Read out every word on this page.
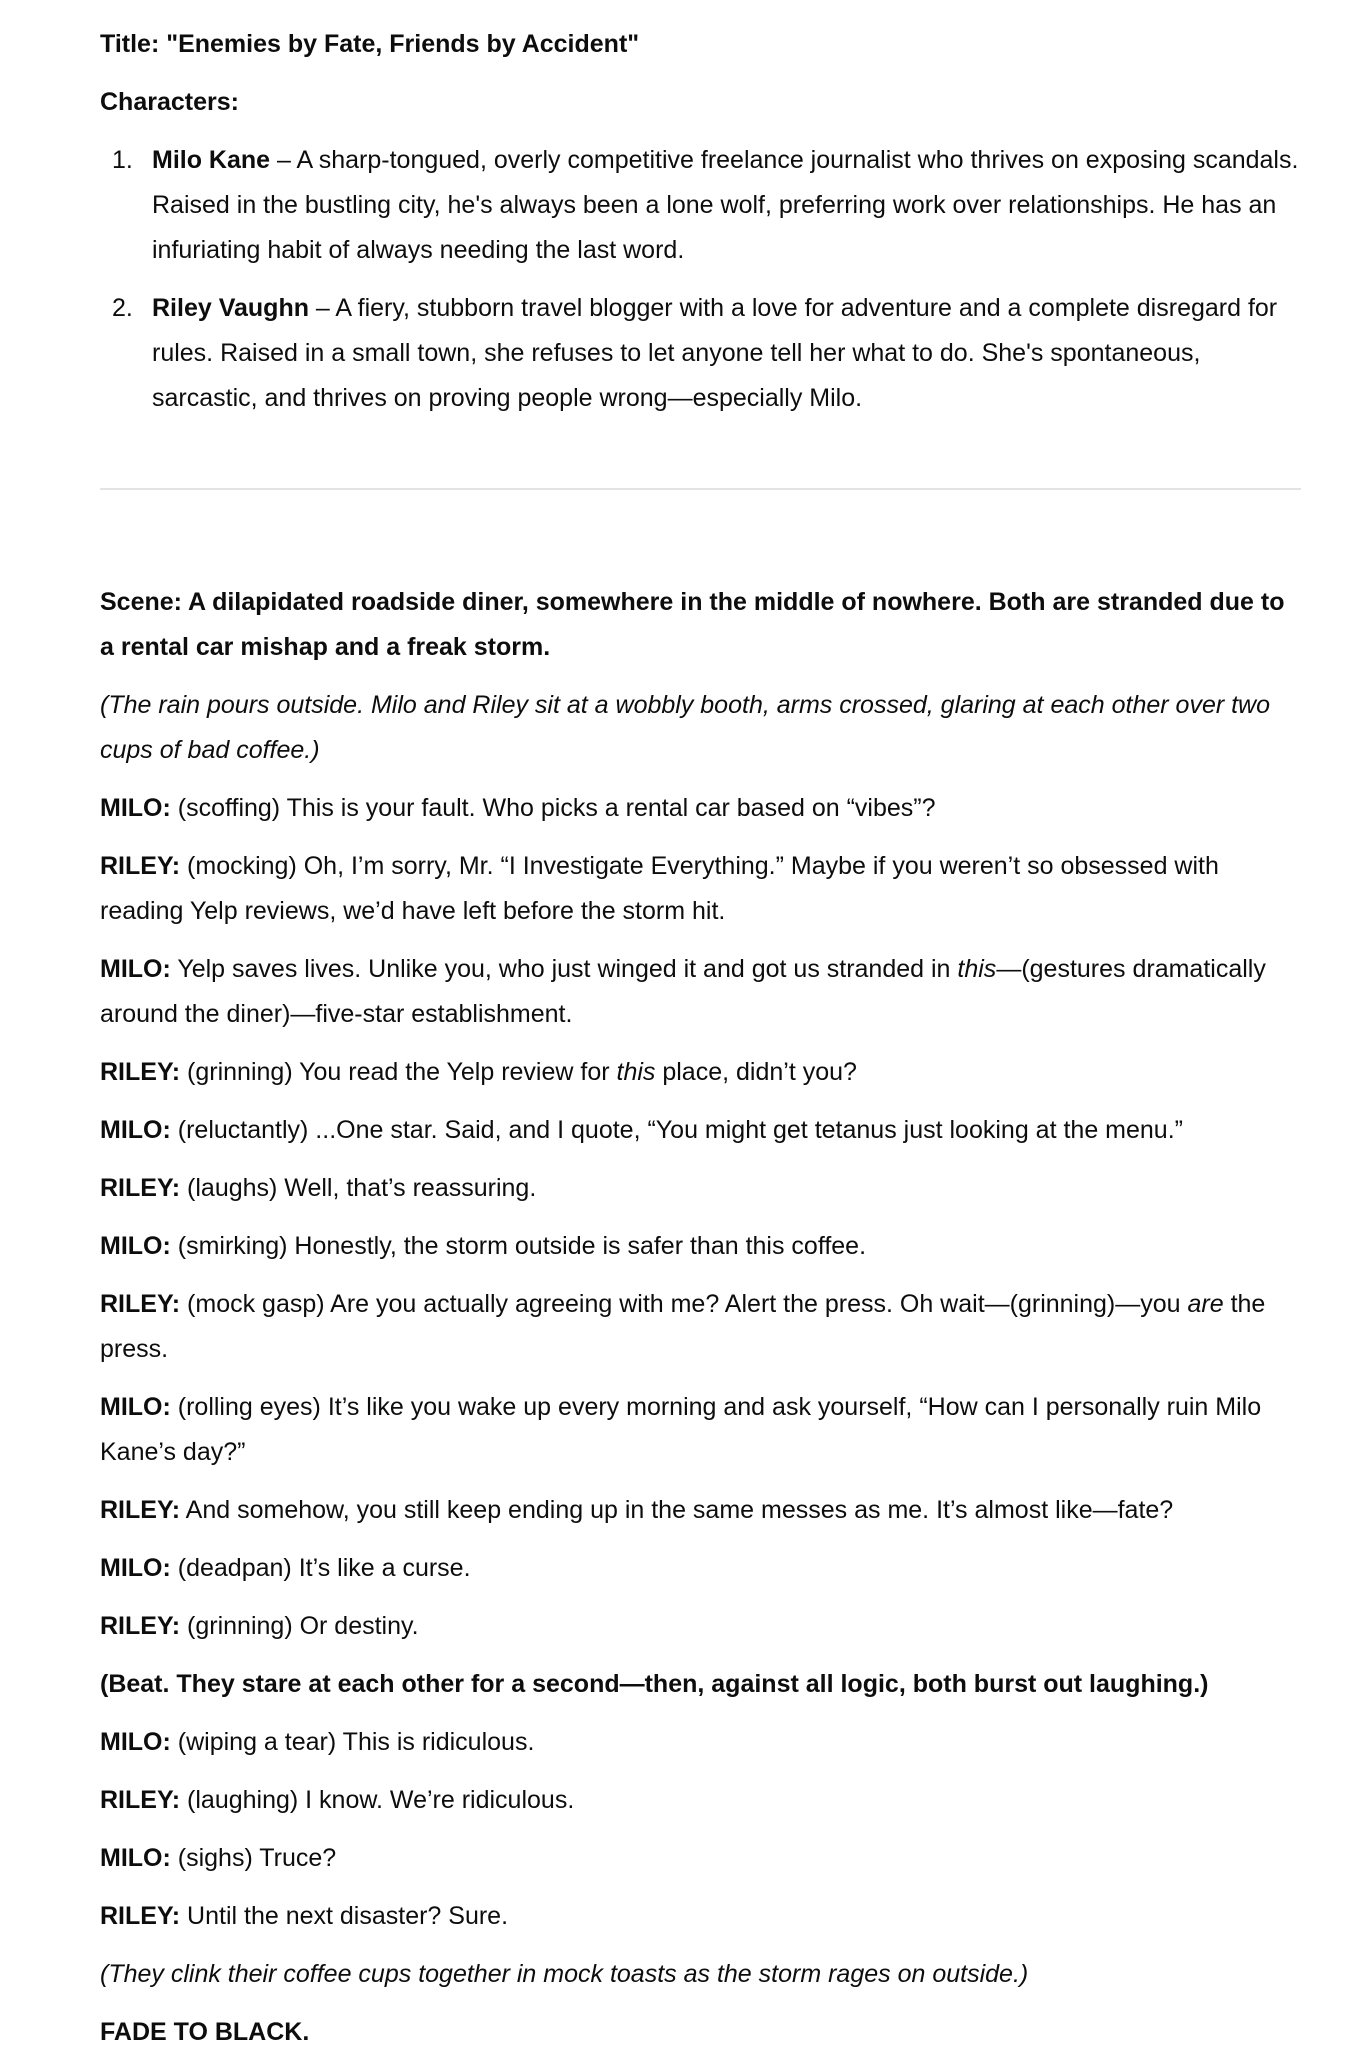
Title: "Enemies by Fate, Friends by Accident"

Characters:

1. Milo Kane – A sharp-tongued, overly competitive freelance journalist who thrives on exposing scandals. Raised in the bustling city, he's always been a lone wolf, preferring work over relationships. He has an infuriating habit of always needing the last word.
2. Riley Vaughn – A fiery, stubborn travel blogger with a love for adventure and a complete disregard for rules. Raised in a small town, she refuses to let anyone tell her what to do. She's spontaneous, sarcastic, and thrives on proving people wrong—especially Milo.

Scene: A dilapidated roadside diner, somewhere in the middle of nowhere. Both are stranded due to a rental car mishap and a freak storm.

(The rain pours outside. Milo and Riley sit at a wobbly booth, arms crossed, glaring at each other over two cups of bad coffee.)

MILO: (scoffing) This is your fault. Who picks a rental car based on “vibes”?

RILEY: (mocking) Oh, I’m sorry, Mr. “I Investigate Everything.” Maybe if you weren’t so obsessed with reading Yelp reviews, we’d have left before the storm hit.

MILO: Yelp saves lives. Unlike you, who just winged it and got us stranded in this—(gestures dramatically around the diner)—five-star establishment.

RILEY: (grinning) You read the Yelp review for this place, didn’t you?

MILO: (reluctantly) ...One star. Said, and I quote, “You might get tetanus just looking at the menu.”

RILEY: (laughs) Well, that’s reassuring.

MILO: (smirking) Honestly, the storm outside is safer than this coffee.

RILEY: (mock gasp) Are you actually agreeing with me? Alert the press. Oh wait—(grinning)—you are the press.

MILO: (rolling eyes) It’s like you wake up every morning and ask yourself, “How can I personally ruin Milo Kane’s day?”

RILEY: And somehow, you still keep ending up in the same messes as me. It’s almost like—fate?

MILO: (deadpan) It’s like a curse.

RILEY: (grinning) Or destiny.

(Beat. They stare at each other for a second—then, against all logic, both burst out laughing.)

MILO: (wiping a tear) This is ridiculous.

RILEY: (laughing) I know. We’re ridiculous.

MILO: (sighs) Truce?

RILEY: Until the next disaster? Sure.

(They clink their coffee cups together in mock toasts as the storm rages on outside.)

FADE TO BLACK.
